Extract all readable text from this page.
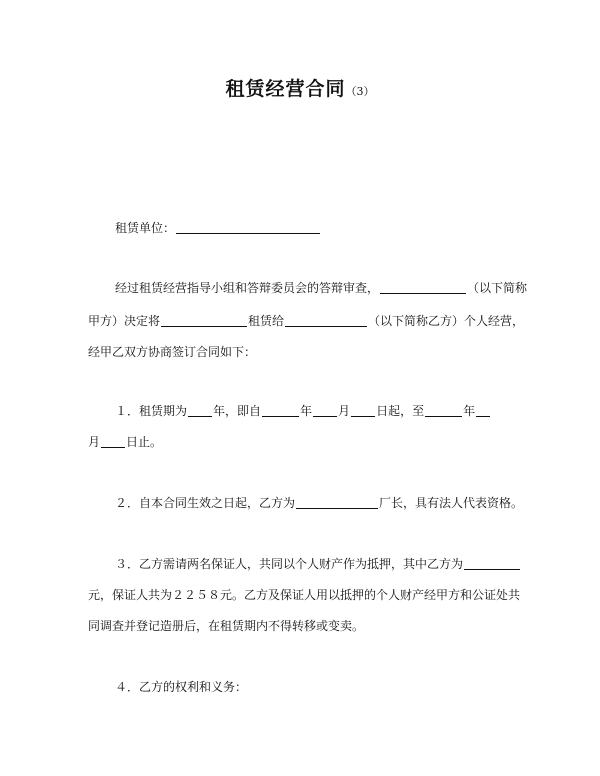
租赁经营合同（3）
租赁单位：
经过租赁经营指导小组和答辩委员会的答辩审查，	（以下简称
甲方）决定将	租赁给	（以下简称乙方）个人经营，
经甲乙双方协商签订合同如下：
１．租赁期为 年，即自	年 月 日起，至	年
月 日止。
２．自本合同生效之日起，乙方为	厂长，具有法人代表资格。
３．乙方需请两名保证人，共同以个人财产作为抵押，其中乙方为
元，保证人共为２２５８元。乙方及保证人用以抵押的个人财产经甲方和公证处共
同调查并登记造册后，在租赁期内不得转移或变卖。
４．乙方的权利和义务：
